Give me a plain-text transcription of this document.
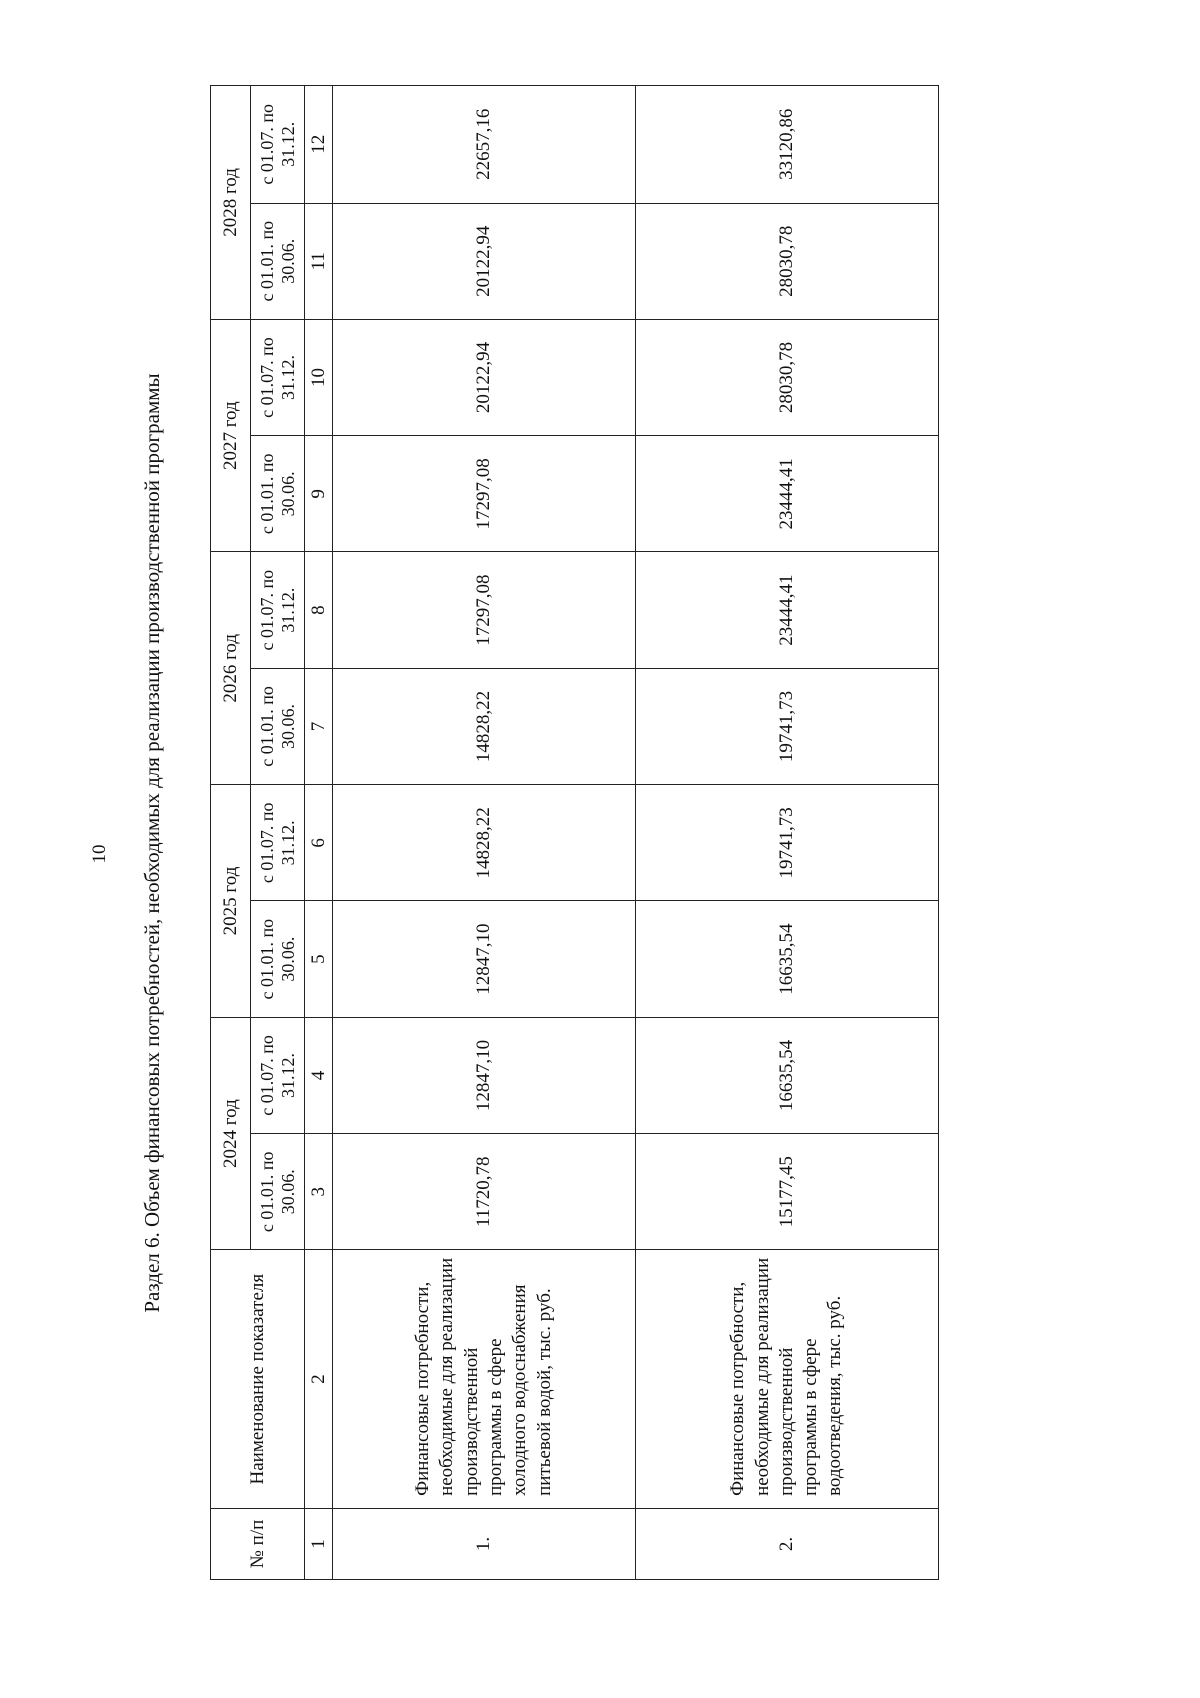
10 Раздел 6. Объем финансовых потребностей, необходимых для реализации производственной программы
№ п/п	Наименование показателя	2024 год		2025 год		2026 год		2027 год		2028 год	
		с 01.01. по 30.06.	с 01.07. по 31.12.	с 01.01. по 30.06.	с 01.07. по 31.12.	с 01.01. по 30.06.	с 01.07. по 31.12.	с 01.01. по 30.06.	с 01.07. по 31.12.	с 01.01. по 30.06.	с 01.07. по 31.12.
1	2	3	4	5	6	7	8	9	10	11	12
1.	Финансовые потребности, необходимые для реализации производственной программы в сфере холодного водоснабжения питьевой водой, тыс. руб.	11720,78	12847,10	12847,10	14828,22	14828,22	17297,08	17297,08	20122,94	20122,94	22657,16
2.	Финансовые потребности, необходимые для реализации производственной программы в сфере водоотведения, тыс. руб.	15177,45	16635,54	16635,54	19741,73	19741,73	23444,41	23444,41	28030,78	28030,78	33120,86
